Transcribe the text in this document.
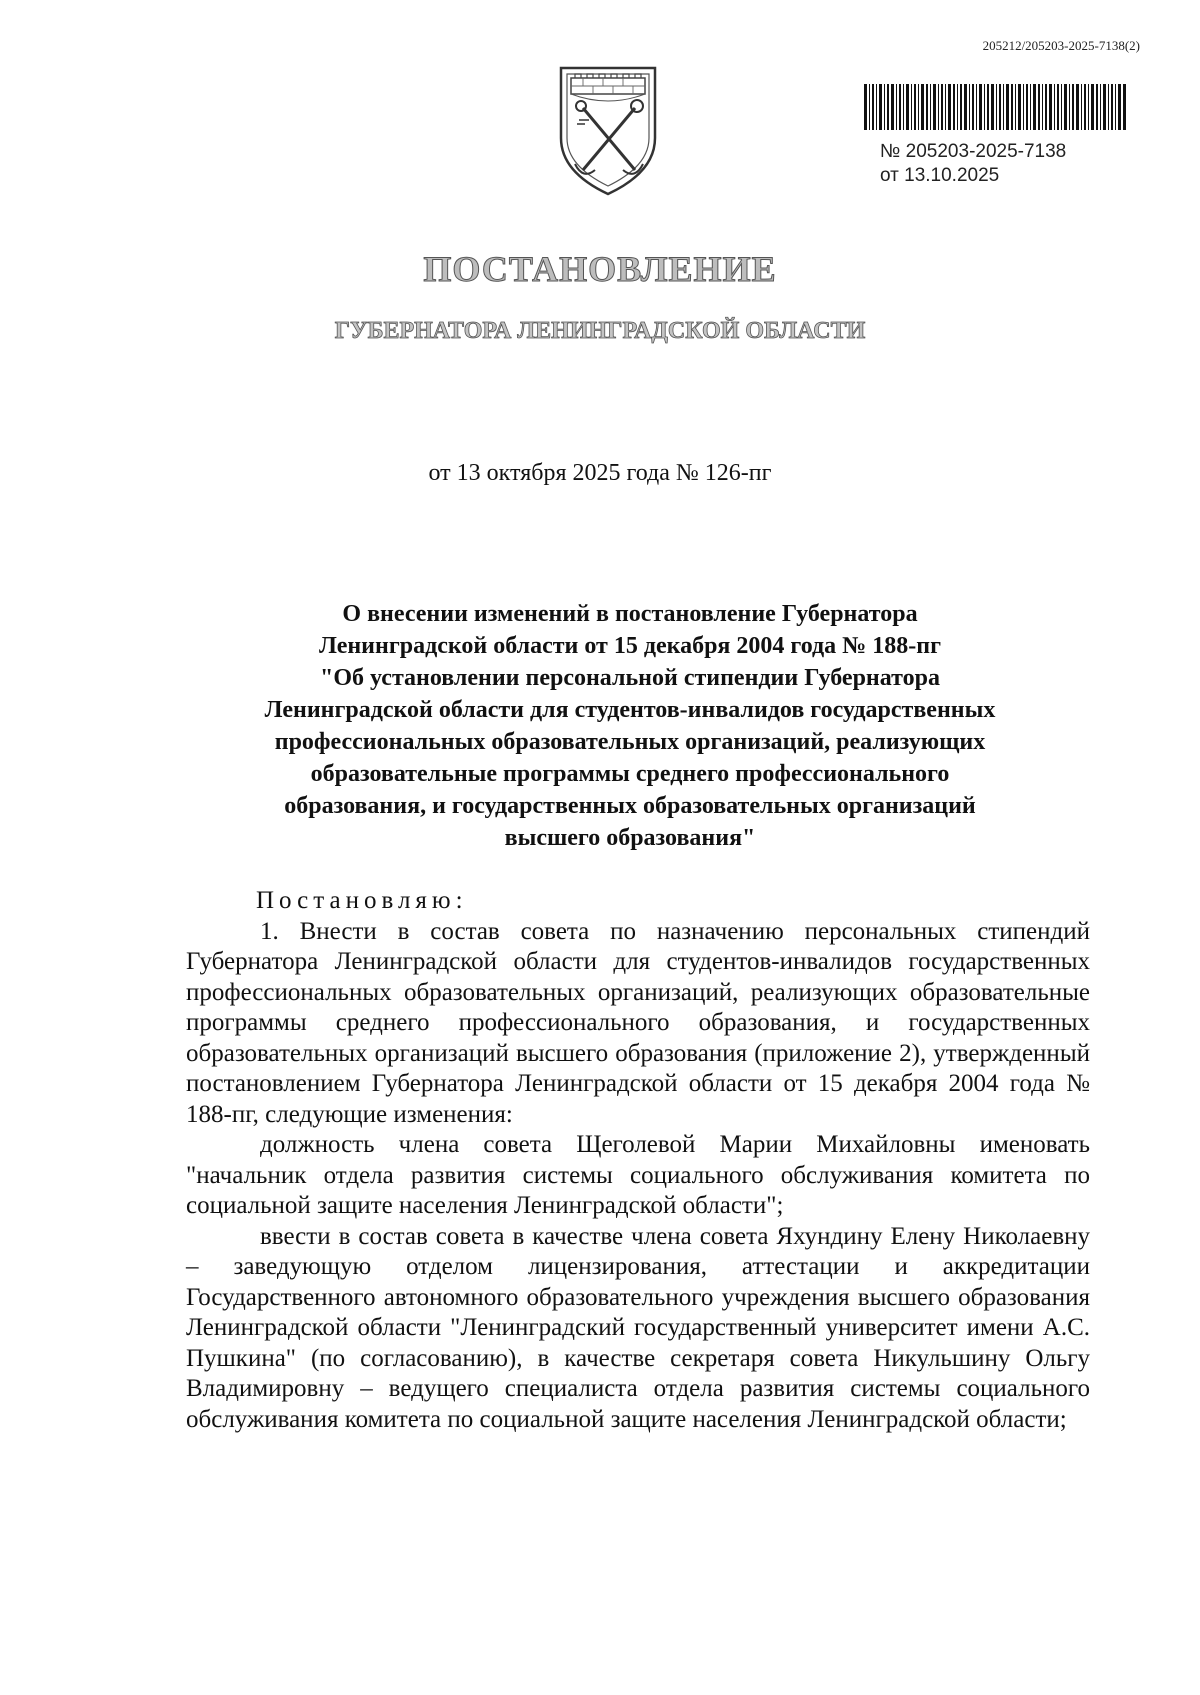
205212/205203-2025-7138(2)
№ 205203-2025-7138
от 13.10.2025
ПОСТАНОВЛЕНИЕ
ГУБЕРНАТОРА ЛЕНИНГРАДСКОЙ ОБЛАСТИ
от 13 октября 2025 года № 126-пг
О внесении изменений в постановление Губернатора
Ленинградской области от 15 декабря 2004 года № 188-пг
"Об установлении персональной стипендии Губернатора
Ленинградской области для студентов-инвалидов государственных
профессиональных образовательных организаций, реализующих
образовательные программы среднего профессионального
образования, и государственных образовательных организаций
высшего образования"
Постановляю:

1. Внести в состав совета по назначению персональных стипендий Губернатора Ленинградской области для студентов-инвалидов государственных профессиональных образовательных организаций, реализующих образовательные программы среднего профессионального образования, и государственных образовательных организаций высшего образования (приложение 2), утвержденный постановлением Губернатора Ленинградской области от 15 декабря 2004 года № 188-пг, следующие изменения:

должность члена совета Щеголевой Марии Михайловны именовать "начальник отдела развития системы социального обслуживания комитета по социальной защите населения Ленинградской области";

ввести в состав совета в качестве члена совета Яхундину Елену Николаевну – заведующую отделом лицензирования, аттестации и аккредитации Государственного автономного образовательного учреждения высшего образования Ленинградской области "Ленинградский государственный университет имени А.С. Пушкина" (по согласованию), в качестве секретаря совета Никульшину Ольгу Владимировну – ведущего специалиста отдела развития системы социального обслуживания комитета по социальной защите населения Ленинградской области;
